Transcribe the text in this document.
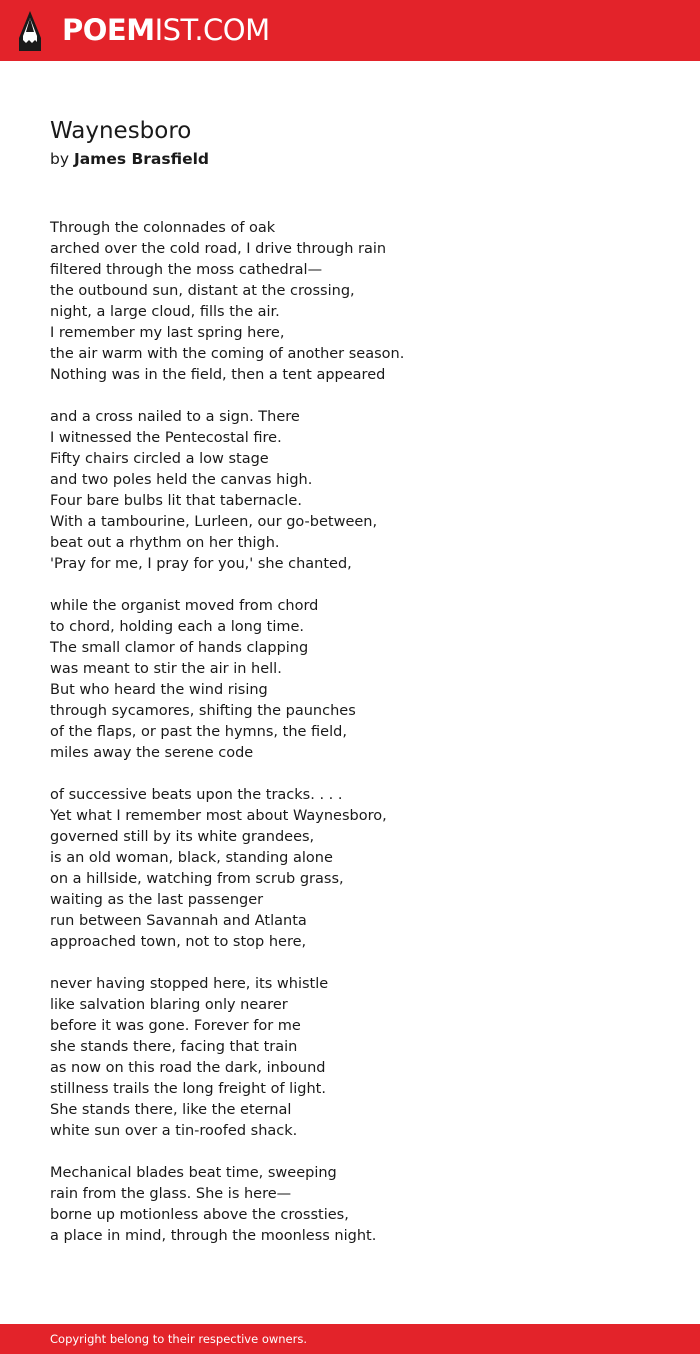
POEMIST.COM
Waynesboro
by James Brasfield
Through the colonnades of oak
arched over the cold road, I drive through rain
filtered through the moss cathedral—
the outbound sun, distant at the crossing,
night, a large cloud, fills the air.
I remember my last spring here,
the air warm with the coming of another season.
Nothing was in the field, then a tent appeared
and a cross nailed to a sign. There
I witnessed the Pentecostal fire.
Fifty chairs circled a low stage
and two poles held the canvas high.
Four bare bulbs lit that tabernacle.
With a tambourine, Lurleen, our go-between,
beat out a rhythm on her thigh.
'Pray for me, I pray for you,' she chanted,
while the organist moved from chord
to chord, holding each a long time.
The small clamor of hands clapping
was meant to stir the air in hell.
But who heard the wind rising
through sycamores, shifting the paunches
of the flaps, or past the hymns, the field,
miles away the serene code
of successive beats upon the tracks. . . .
Yet what I remember most about Waynesboro,
governed still by its white grandees,
is an old woman, black, standing alone
on a hillside, watching from scrub grass,
waiting as the last passenger
run between Savannah and Atlanta
approached town, not to stop here,
never having stopped here, its whistle
like salvation blaring only nearer
before it was gone. Forever for me
she stands there, facing that train
as now on this road the dark, inbound
stillness trails the long freight of light.
She stands there, like the eternal
white sun over a tin-roofed shack.
Mechanical blades beat time, sweeping
rain from the glass. She is here—
borne up motionless above the crossties,
a place in mind, through the moonless night.
Copyright belong to their respective owners.
